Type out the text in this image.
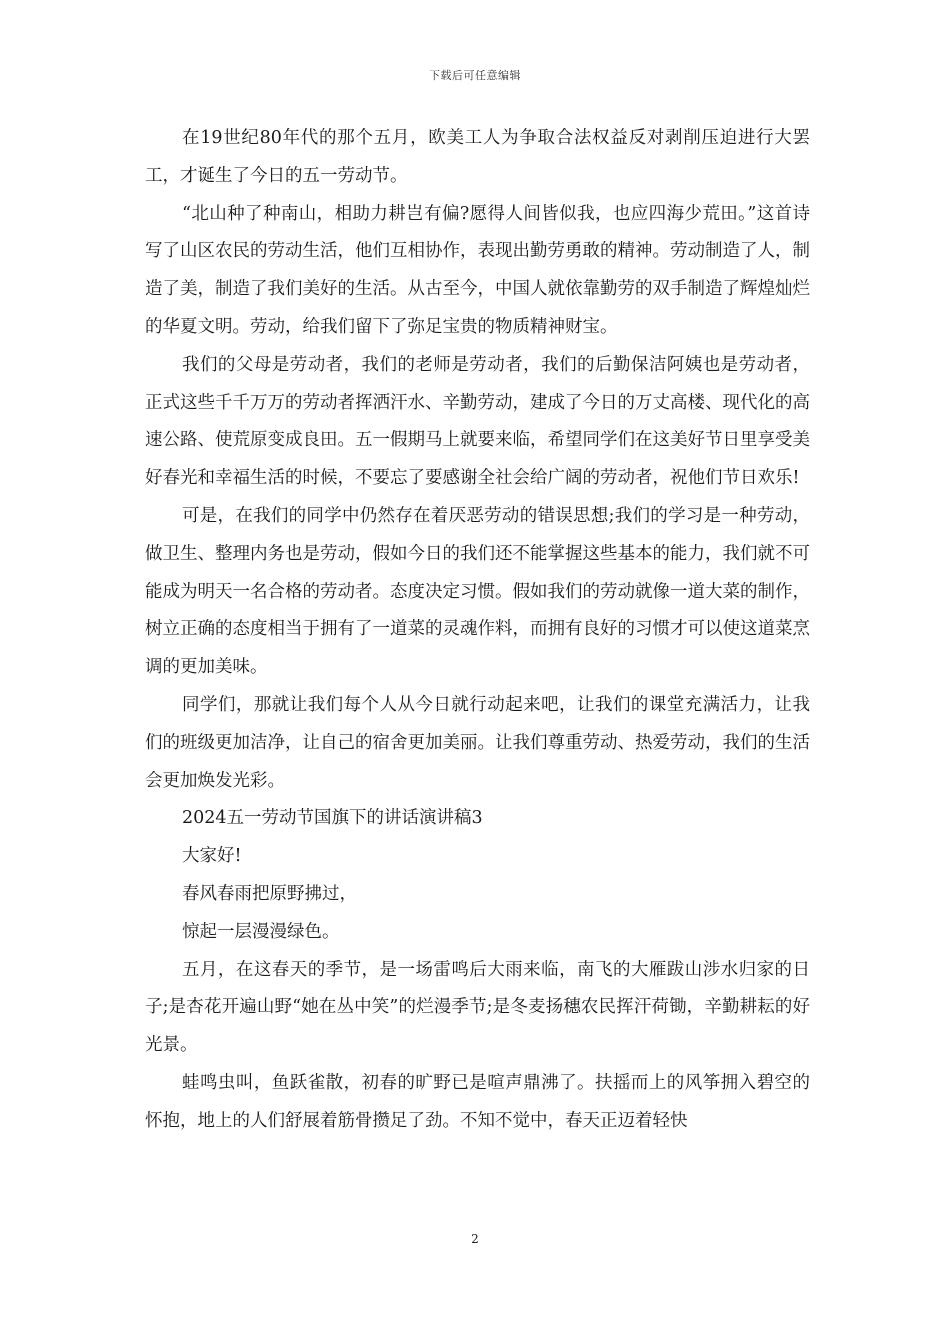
下载后可任意编辑

在19世纪80年代的那个五月，欧美工人为争取合法权益反对剥削压迫进行大罢工，才诞生了今日的五一劳动节。

“北山种了种南山，相助力耕岂有偏?愿得人间皆似我，也应四海少荒田。”这首诗写了山区农民的劳动生活，他们互相协作，表现出勤劳勇敢的精神。劳动制造了人，制造了美，制造了我们美好的生活。从古至今，中国人就依靠勤劳的双手制造了辉煌灿烂的华夏文明。劳动，给我们留下了弥足宝贵的物质精神财宝。

我们的父母是劳动者，我们的老师是劳动者，我们的后勤保洁阿姨也是劳动者，正式这些千千万万的劳动者挥洒汗水、辛勤劳动，建成了今日的万丈高楼、现代化的高速公路、使荒原变成良田。五一假期马上就要来临，希望同学们在这美好节日里享受美好春光和幸福生活的时候，不要忘了要感谢全社会给广阔的劳动者，祝他们节日欢乐!

可是，在我们的同学中仍然存在着厌恶劳动的错误思想;我们的学习是一种劳动，做卫生、整理内务也是劳动，假如今日的我们还不能掌握这些基本的能力，我们就不可能成为明天一名合格的劳动者。态度决定习惯。假如我们的劳动就像一道大菜的制作，树立正确的态度相当于拥有了一道菜的灵魂作料，而拥有良好的习惯才可以使这道菜烹调的更加美味。

同学们，那就让我们每个人从今日就行动起来吧，让我们的课堂充满活力，让我们的班级更加洁净，让自己的宿舍更加美丽。让我们尊重劳动、热爱劳动，我们的生活会更加焕发光彩。

2024五一劳动节国旗下的讲话演讲稿3

大家好!

春风春雨把原野拂过，

惊起一层漫漫绿色。

五月，在这春天的季节，是一场雷鸣后大雨来临，南飞的大雁跋山涉水归家的日子;是杏花开遍山野“她在丛中笑”的烂漫季节;是冬麦扬穗农民挥汗荷锄，辛勤耕耘的好光景。

蛙鸣虫叫，鱼跃雀散，初春的旷野已是喧声鼎沸了。扶摇而上的风筝拥入碧空的怀抱，地上的人们舒展着筋骨攒足了劲。不知不觉中，春天正迈着轻快

2
